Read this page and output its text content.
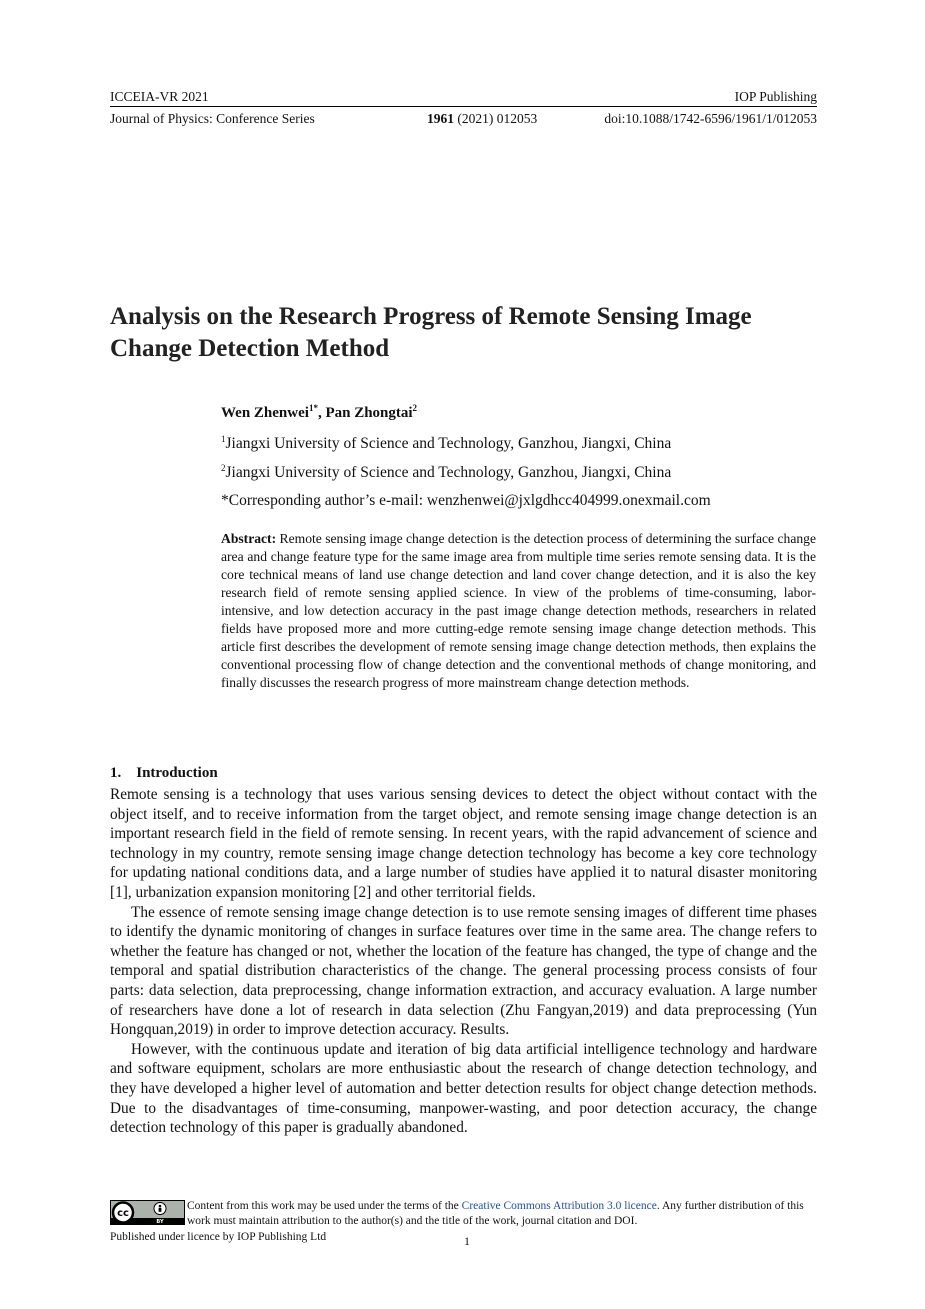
ICCEIA-VR 2021	IOP Publishing
Journal of Physics: Conference Series	1961 (2021) 012053	doi:10.1088/1742-6596/1961/1/012053
Analysis on the Research Progress of Remote Sensing Image
Change Detection Method
Wen Zhenwei$^{1*}$, Pan Zhongtai$^2$
$^1$Jiangxi University of Science and Technology, Ganzhou, Jiangxi, China
$^2$Jiangxi University of Science and Technology, Ganzhou, Jiangxi, China
*Corresponding author’s e-mail: wenzhenwei@jxlgdhcc404999.onexmail.com
Abstract: Remote sensing image change detection is the detection process of determining the surface change area and change feature type for the same image area from multiple time series remote sensing data. It is the core technical means of land use change detection and land cover change detection, and it is also the key research field of remote sensing applied science. In view of the problems of time-consuming, labor-intensive, and low detection accuracy in the past image change detection methods, researchers in related fields have proposed more and more cutting-edge remote sensing image change detection methods. This article first describes the development of remote sensing image change detection methods, then explains the conventional processing flow of change detection and the conventional methods of change monitoring, and finally discusses the research progress of more mainstream change detection methods.
1. Introduction

Remote sensing is a technology that uses various sensing devices to detect the object without contact with the object itself, and to receive information from the target object, and remote sensing image change detection is an important research field in the field of remote sensing. In recent years, with the rapid advancement of science and technology in my country, remote sensing image change detection technology has become a key core technology for updating national conditions data, and a large number of studies have applied it to natural disaster monitoring [1], urbanization expansion monitoring [2] and other territorial fields.

The essence of remote sensing image change detection is to use remote sensing images of different time phases to identify the dynamic monitoring of changes in surface features over time in the same area. The change refers to whether the feature has changed or not, whether the location of the feature has changed, the type of change and the temporal and spatial distribution characteristics of the change. The general processing process consists of four parts: data selection, data preprocessing, change information extraction, and accuracy evaluation. A large number of researchers have done a lot of research in data selection (Zhu Fangyan,2019) and data preprocessing (Yun Hongquan,2019) in order to improve detection accuracy. Results.

However, with the continuous update and iteration of big data artificial intelligence technology and hardware and software equipment, scholars are more enthusiastic about the research of change detection technology, and they have developed a higher level of automation and better detection results for object change detection methods. Due to the disadvantages of time-consuming, manpower-wasting, and poor detection accuracy, the change detection technology of this paper is gradually abandoned.

cc
BY
Content from this work may be used under the terms of the Creative Commons Attribution 3.0 licence. Any further distribution of this work must maintain attribution to the author(s) and the title of the work, journal citation and DOI.
Published under licence by IOP Publishing Ltd	1
